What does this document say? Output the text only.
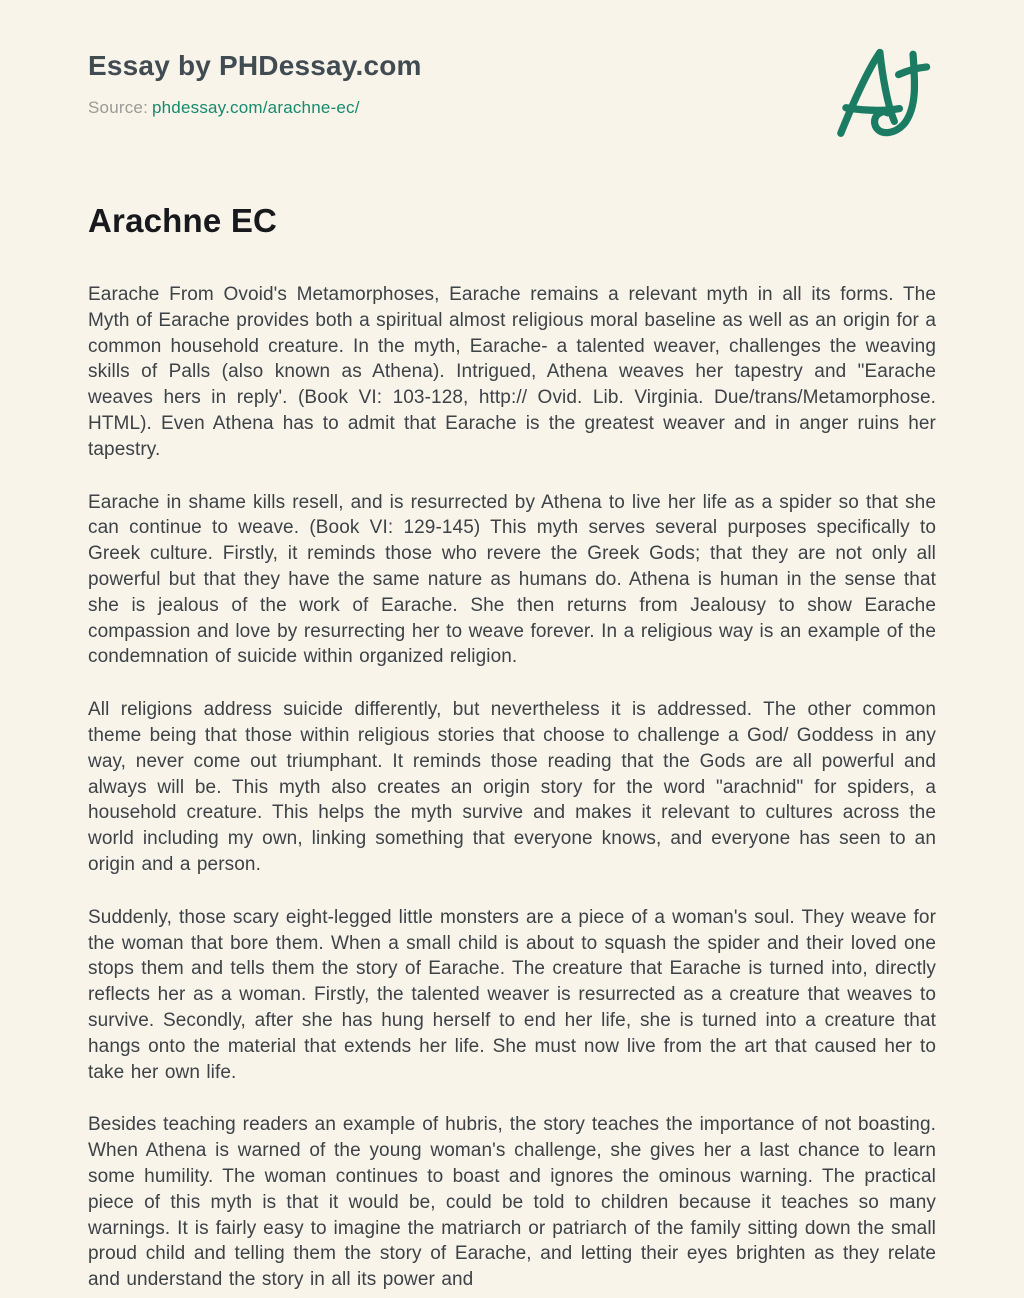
Essay by PHDessay.com
Source: phdessay.com/arachne-ec/
Arachne EC

Earache From Ovoid's Metamorphoses, Earache remains a relevant myth in all its forms. The Myth of Earache provides both a spiritual almost religious moral baseline as well as an origin for a common household creature. In the myth, Earache- a talented weaver, challenges the weaving skills of Palls (also known as Athena). Intrigued, Athena weaves her tapestry and "Earache weaves hers in reply'. (Book VI: 103-128, http:// Ovid. Lib. Virginia. Due/trans/Metamorphose. HTML). Even Athena has to admit that Earache is the greatest weaver and in anger ruins her tapestry.

Earache in shame kills resell, and is resurrected by Athena to live her life as a spider so that she can continue to weave. (Book VI: 129-145) This myth serves several purposes specifically to Greek culture. Firstly, it reminds those who revere the Greek Gods; that they are not only all powerful but that they have the same nature as humans do. Athena is human in the sense that she is jealous of the work of Earache. She then returns from Jealousy to show Earache compassion and love by resurrecting her to weave forever. In a religious way is an example of the condemnation of suicide within organized religion.

All religions address suicide differently, but nevertheless it is addressed. The other common theme being that those within religious stories that choose to challenge a God/ Goddess in any way, never come out triumphant. It reminds those reading that the Gods are all powerful and always will be. This myth also creates an origin story for the word "arachnid" for spiders, a household creature. This helps the myth survive and makes it relevant to cultures across the world including my own, linking something that everyone knows, and everyone has seen to an origin and a person.

Suddenly, those scary eight-legged little monsters are a piece of a woman's soul. They weave for the woman that bore them. When a small child is about to squash the spider and their loved one stops them and tells them the story of Earache. The creature that Earache is turned into, directly reflects her as a woman. Firstly, the talented weaver is resurrected as a creature that weaves to survive. Secondly, after she has hung herself to end her life, she is turned into a creature that hangs onto the material that extends her life. She must now live from the art that caused her to take her own life.

Besides teaching readers an example of hubris, the story teaches the importance of not boasting. When Athena is warned of the young woman's challenge, she gives her a last chance to learn some humility. The woman continues to boast and ignores the ominous warning. The practical piece of this myth is that it would be, could be told to children because it teaches so many warnings. It is fairly easy to imagine the matriarch or patriarch of the family sitting down the small proud child and telling them the story of Earache, and letting their eyes brighten as they relate and understand the story in all its power and
